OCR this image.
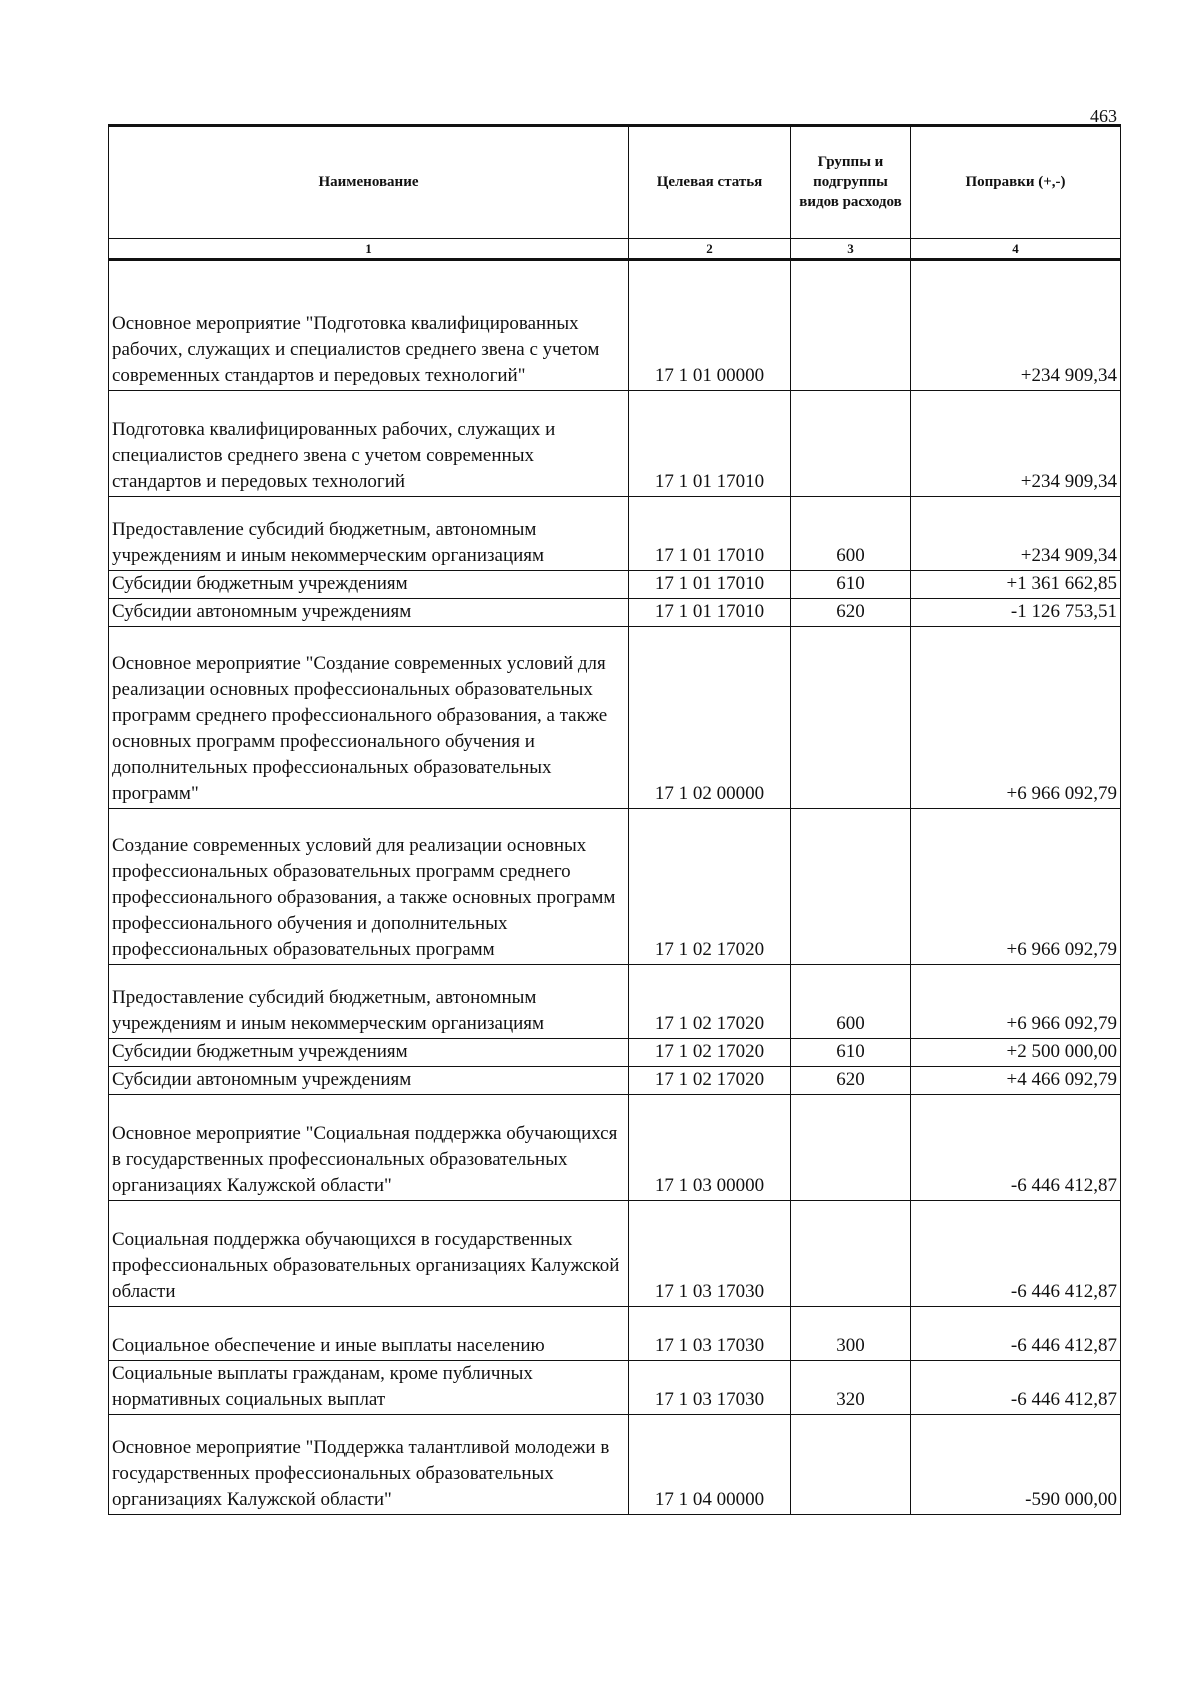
463
Наименование	Целевая статья	Группы и подгруппы видов расходов	Поправки (+,-)
1	2	3	4
Основное мероприятие "Подготовка квалифицированных рабочих, служащих и специалистов среднего звена с учетом современных стандартов и передовых технологий"	17 1 01 00000		+234 909,34
Подготовка квалифицированных рабочих, служащих и специалистов среднего звена с учетом современных стандартов и передовых технологий	17 1 01 17010		+234 909,34
Предоставление субсидий бюджетным, автономным учреждениям и иным некоммерческим организациям	17 1 01 17010	600	+234 909,34
Субсидии бюджетным учреждениям	17 1 01 17010	610	+1 361 662,85
Субсидии автономным учреждениям	17 1 01 17010	620	-1 126 753,51
Основное мероприятие "Создание современных условий для реализации основных профессиональных образовательных программ среднего профессионального образования, а также основных программ профессионального обучения и дополнительных профессиональных образовательных программ"	17 1 02 00000		+6 966 092,79
Создание современных условий для реализации основных профессиональных образовательных программ среднего профессионального образования, а также основных программ профессионального обучения и дополнительных профессиональных образовательных программ	17 1 02 17020		+6 966 092,79
Предоставление субсидий бюджетным, автономным учреждениям и иным некоммерческим организациям	17 1 02 17020	600	+6 966 092,79
Субсидии бюджетным учреждениям	17 1 02 17020	610	+2 500 000,00
Субсидии автономным учреждениям	17 1 02 17020	620	+4 466 092,79
Основное мероприятие "Социальная поддержка обучающихся в государственных профессиональных образовательных организациях Калужской области"	17 1 03 00000		-6 446 412,87
Социальная поддержка обучающихся в государственных профессиональных образовательных организациях Калужской области	17 1 03 17030		-6 446 412,87
Социальное обеспечение и иные выплаты населению	17 1 03 17030	300	-6 446 412,87
Социальные выплаты гражданам, кроме публичных нормативных социальных выплат	17 1 03 17030	320	-6 446 412,87
Основное мероприятие "Поддержка талантливой молодежи в государственных профессиональных образовательных организациях Калужской области"	17 1 04 00000		-590 000,00
